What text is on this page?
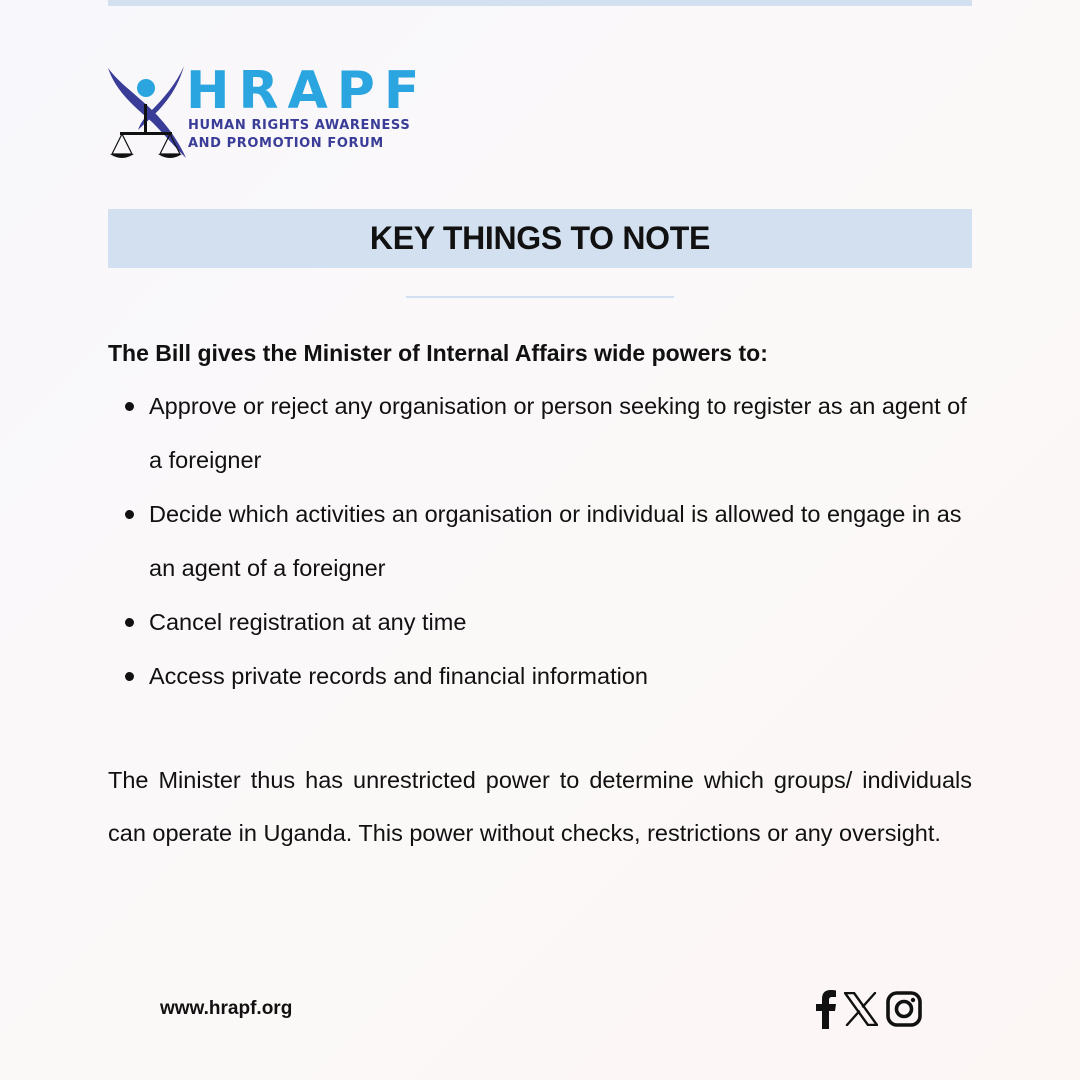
HRAPF

HUMAN RIGHTS AWARENESS

AND PROMOTION FORUM

KEY THINGS TO NOTE

The Bill gives the Minister of Internal Affairs wide powers to:

Approve or reject any organisation or person seeking to register as an agent of a foreigner
Decide which activities an organisation or individual is allowed to engage in as an agent of a foreigner
Cancel registration at any time
Access private records and financial information

The Minister thus has unrestricted power to determine which groups/ individuals can operate in Uganda. This power without checks, restrictions or any oversight.

www.hrapf.org
